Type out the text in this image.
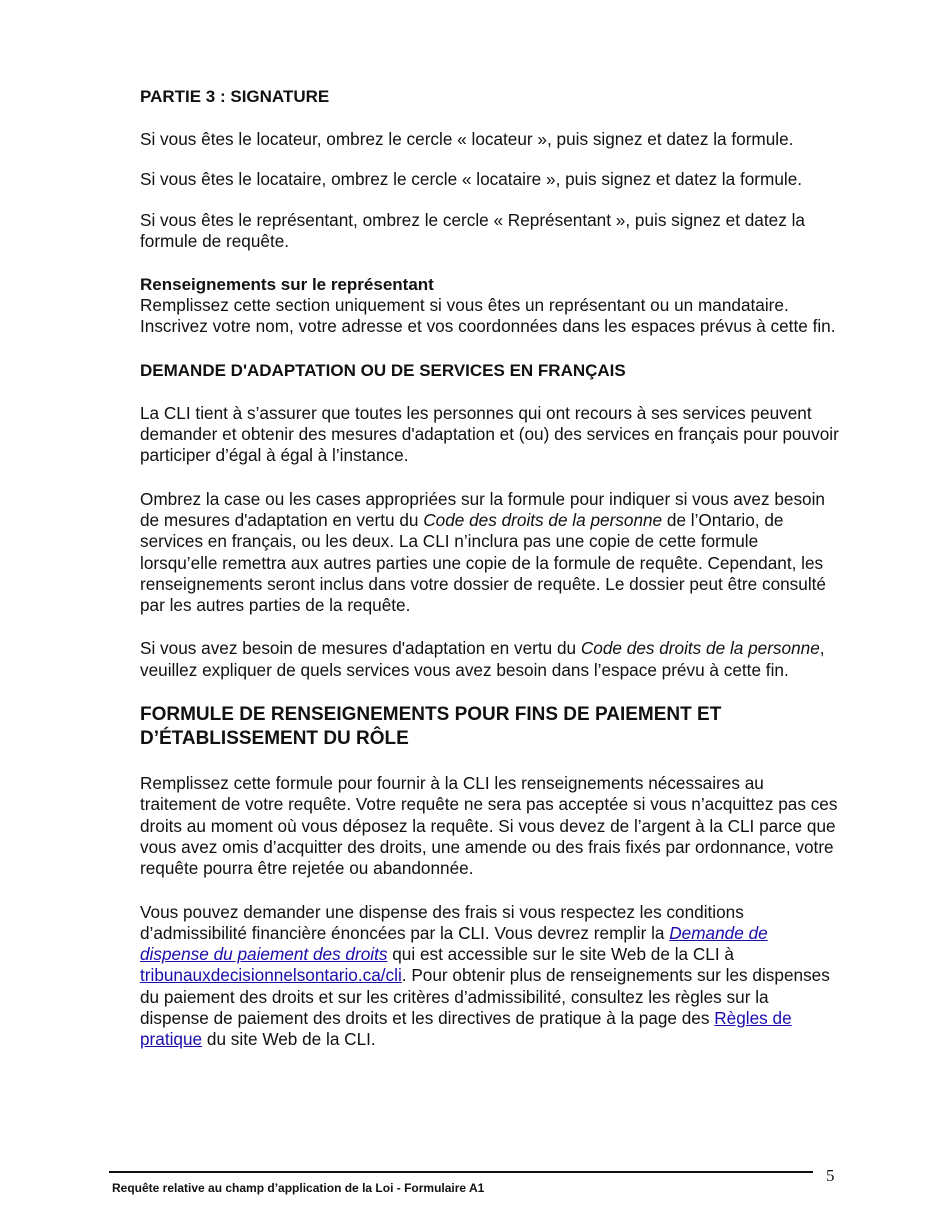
PARTIE 3 : SIGNATURE

Si vous êtes le locateur, ombrez le cercle « locateur », puis signez et datez la formule.

Si vous êtes le locataire, ombrez le cercle « locataire », puis signez et datez la formule.

Si vous êtes le représentant, ombrez le cercle « Représentant », puis signez et datez la formule de requête.

Renseignements sur le représentant

Remplissez cette section uniquement si vous êtes un représentant ou un mandataire. Inscrivez votre nom, votre adresse et vos coordonnées dans les espaces prévus à cette fin.

DEMANDE D'ADAPTATION OU DE SERVICES EN FRANÇAIS

La CLI tient à s’assurer que toutes les personnes qui ont recours à ses services peuvent demander et obtenir des mesures d'adaptation et (ou) des services en français pour pouvoir participer d’égal à égal à l’instance.

Ombrez la case ou les cases appropriées sur la formule pour indiquer si vous avez besoin de mesures d'adaptation en vertu du Code des droits de la personne de l’Ontario, de services en français, ou les deux. La CLI n’inclura pas une copie de cette formule lorsqu’elle remettra aux autres parties une copie de la formule de requête. Cependant, les renseignements seront inclus dans votre dossier de requête. Le dossier peut être consulté par les autres parties de la requête.

Si vous avez besoin de mesures d'adaptation en vertu du Code des droits de la personne, veuillez expliquer de quels services vous avez besoin dans l’espace prévu à cette fin.

FORMULE DE RENSEIGNEMENTS POUR FINS DE PAIEMENT ET
D’ÉTABLISSEMENT DU RÔLE

Remplissez cette formule pour fournir à la CLI les renseignements nécessaires au traitement de votre requête. Votre requête ne sera pas acceptée si vous n’acquittez pas ces droits au moment où vous déposez la requête. Si vous devez de l’argent à la CLI parce que vous avez omis d’acquitter des droits, une amende ou des frais fixés par ordonnance, votre requête pourra être rejetée ou abandonnée.

Vous pouvez demander une dispense des frais si vous respectez les conditions d’admissibilité financière énoncées par la CLI. Vous devrez remplir la Demande de dispense du paiement des droits qui est accessible sur le site Web de la CLI à tribunauxdecisionnelsontario.ca/cli. Pour obtenir plus de renseignements sur les dispenses du paiement des droits et sur les critères d’admissibilité, consultez les règles sur la dispense de paiement des droits et les directives de pratique à la page des Règles de pratique du site Web de la CLI.

Requête relative au champ d’application de la Loi - Formulaire A1
5
